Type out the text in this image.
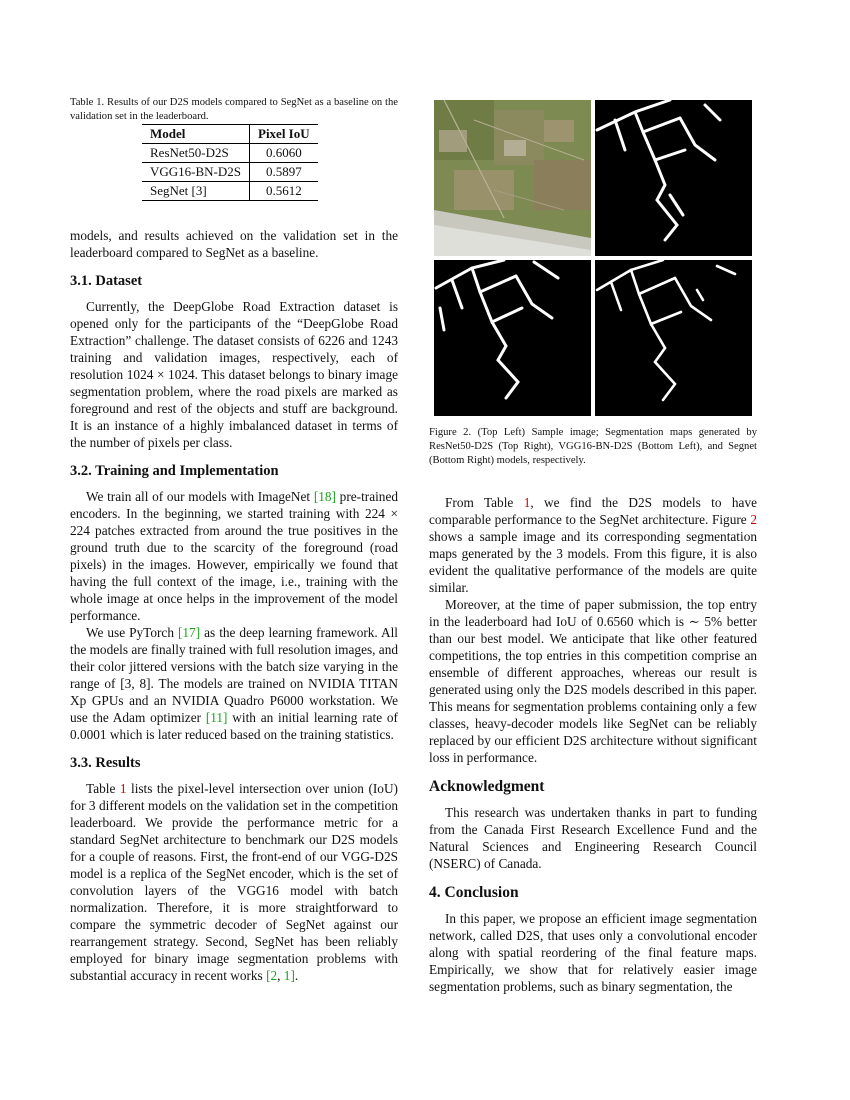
Table 1. Results of our D2S models compared to SegNet as a baseline on the validation set in the leaderboard.

Model	Pixel IoU
ResNet50-D2S	0.6060
VGG16-BN-D2S	0.5897
SegNet [3]	0.5612

models, and results achieved on the validation set in the leaderboard compared to SegNet as a baseline.

3.1. Dataset

Currently, the DeepGlobe Road Extraction dataset is opened only for the participants of the “DeepGlobe Road Extraction” challenge. The dataset consists of 6226 and 1243 training and validation images, respectively, each of resolution 1024 × 1024. This dataset belongs to binary image segmentation problem, where the road pixels are marked as foreground and rest of the objects and stuff are background. It is an instance of a highly imbalanced dataset in terms of the number of pixels per class.

3.2. Training and Implementation

We train all of our models with ImageNet [18] pre-trained encoders. In the beginning, we started training with 224 × 224 patches extracted from around the true positives in the ground truth due to the scarcity of the foreground (road pixels) in the images. However, empirically we found that having the full context of the image, i.e., training with the whole image at once helps in the improvement of the model performance.

We use PyTorch [17] as the deep learning framework. All the models are finally trained with full resolution images, and their color jittered versions with the batch size varying in the range of [3, 8]. The models are trained on NVIDIA TITAN Xp GPUs and an NVIDIA Quadro P6000 workstation. We use the Adam optimizer [11] with an initial learning rate of 0.0001 which is later reduced based on the training statistics.

3.3. Results

Table 1 lists the pixel-level intersection over union (IoU) for 3 different models on the validation set in the competition leaderboard. We provide the performance metric for a standard SegNet architecture to benchmark our D2S models for a couple of reasons. First, the front-end of our VGG-D2S model is a replica of the SegNet encoder, which is the set of convolution layers of the VGG16 model with batch normalization. Therefore, it is more straightforward to compare the symmetric decoder of SegNet against our rearrangement strategy. Second, SegNet has been reliably employed for binary image segmentation problems with substantial accuracy in recent works [2, 1].

Figure 2. (Top Left) Sample image; Segmentation maps generated by ResNet50-D2S (Top Right), VGG16-BN-D2S (Bottom Left), and Segnet (Bottom Right) models, respectively.

From Table 1, we find the D2S models to have comparable performance to the SegNet architecture. Figure 2 shows a sample image and its corresponding segmentation maps generated by the 3 models. From this figure, it is also evident the qualitative performance of the models are quite similar.

Moreover, at the time of paper submission, the top entry in the leaderboard had IoU of 0.6560 which is ∼ 5% better than our best model. We anticipate that like other featured competitions, the top entries in this competition comprise an ensemble of different approaches, whereas our result is generated using only the D2S models described in this paper. This means for segmentation problems containing only a few classes, heavy-decoder models like SegNet can be reliably replaced by our efficient D2S architecture without significant loss in performance.

Acknowledgment

This research was undertaken thanks in part to funding from the Canada First Research Excellence Fund and the Natural Sciences and Engineering Research Council (NSERC) of Canada.

4. Conclusion

In this paper, we propose an efficient image segmentation network, called D2S, that uses only a convolutional encoder along with spatial reordering of the final feature maps. Empirically, we show that for relatively easier image segmentation problems, such as binary segmentation, the
